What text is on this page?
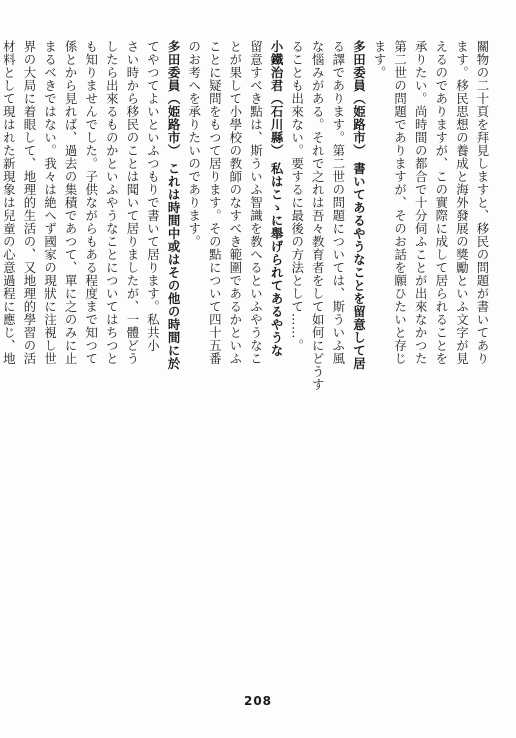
關物の二十頁を拜見しますと、移民の問題が書いてあり
ます。移民思想の養成と海外發展の獎勵といふ文字が見
えるのでありますが、この實際に成して居られることを
承りたい。尚時間の都合で十分伺ふことが出來なかつた
第二世の問題でありますが、そのお話を願ひたいと存じ
ます。
多田委員（姫路市） 書いてあるやうなことを留意して居
る譯であります。第二世の問題については、斯ういふ風
な惱みがある。それで之れは吾々教育者をして如何にどうす
ることも出來ない。要するに最後の方法として……。
小鐵治君（石川縣） 私はこゝに舉げられてあるやうな
留意すべき點は、斯ういふ智識を教へるといふやうなこ
とが果して小學校の教師のなすべき範圍であるかといふ
ことに疑問をもつて居ります。その點について四十五番
のお考へを承りたいのであります。
多田委員（姫路市） これは時間中或はその他の時間に於
てやつてよいといふつもりで書いて居ります。私共小
さい時から移民のことは聞いて居りましたが、一體どう
したら出來るものかといふやうなことについてはちつと
も知りませんでした。子供ながらもある程度まで知つて
係とから見れば、過去の集積であつて、單に之のみに止
まるべきではない。我々は絶へず國家の現狀に注視し世
界の大局に着眼して、地理的生活の、又地理的學習の活
材料として現はれた新現象は兒童の心意過程に應じ、地
208
